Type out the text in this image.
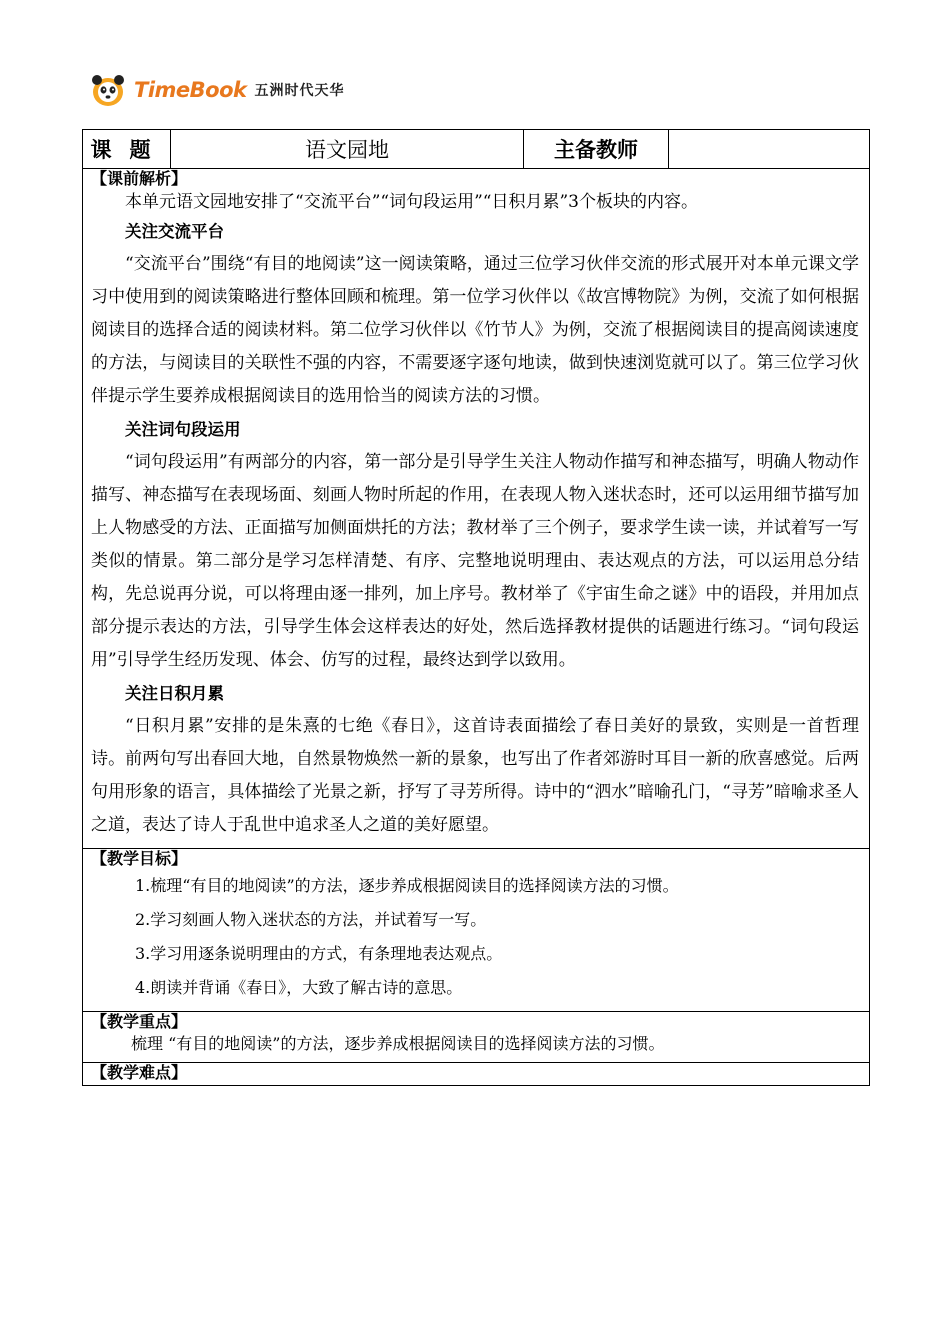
TimeBook 五洲时代天华
课题	语文园地	主备教师

【课前解析】

本单元语文园地安排了“交流平台”“词句段运用”“日积月累”3个板块的内容。

关注交流平台

“交流平台”围绕“有目的地阅读”这一阅读策略，通过三位学习伙伴交流的形式展开对本单元课文学习中使用到的阅读策略进行整体回顾和梳理。第一位学习伙伴以《故宫博物院》为例，交流了如何根据阅读目的选择合适的阅读材料。第二位学习伙伴以《竹节人》为例，交流了根据阅读目的提高阅读速度的方法，与阅读目的关联性不强的内容，不需要逐字逐句地读，做到快速浏览就可以了。第三位学习伙伴提示学生要养成根据阅读目的选用恰当的阅读方法的习惯。

关注词句段运用

“词句段运用”有两部分的内容，第一部分是引导学生关注人物动作描写和神态描写，明确人物动作描写、神态描写在表现场面、刻画人物时所起的作用，在表现人物入迷状态时，还可以运用细节描写加上人物感受的方法、正面描写加侧面烘托的方法；教材举了三个例子，要求学生读一读，并试着写一写类似的情景。第二部分是学习怎样清楚、有序、完整地说明理由、表达观点的方法，可以运用总分结构，先总说再分说，可以将理由逐一排列，加上序号。教材举了《宇宙生命之谜》中的语段，并用加点部分提示表达的方法，引导学生体会这样表达的好处，然后选择教材提供的话题进行练习。“词句段运用”引导学生经历发现、体会、仿写的过程，最终达到学以致用。

关注日积月累

“日积月累”安排的是朱熹的七绝《春日》，这首诗表面描绘了春日美好的景致，实则是一首哲理诗。前两句写出春回大地，自然景物焕然一新的景象，也写出了作者郊游时耳目一新的欣喜感觉。后两句用形象的语言，具体描绘了光景之新，抒写了寻芳所得。诗中的“泗水”暗喻孔门，“寻芳”暗喻求圣人之道，表达了诗人于乱世中追求圣人之道的美好愿望。

【教学目标】

1.梳理“有目的地阅读”的方法，逐步养成根据阅读目的选择阅读方法的习惯。

2.学习刻画人物入迷状态的方法，并试着写一写。

3.学习用逐条说明理由的方式，有条理地表达观点。

4.朗读并背诵《春日》，大致了解古诗的意思。

【教学重点】

梳理 “有目的地阅读”的方法，逐步养成根据阅读目的选择阅读方法的习惯。

【教学难点】
